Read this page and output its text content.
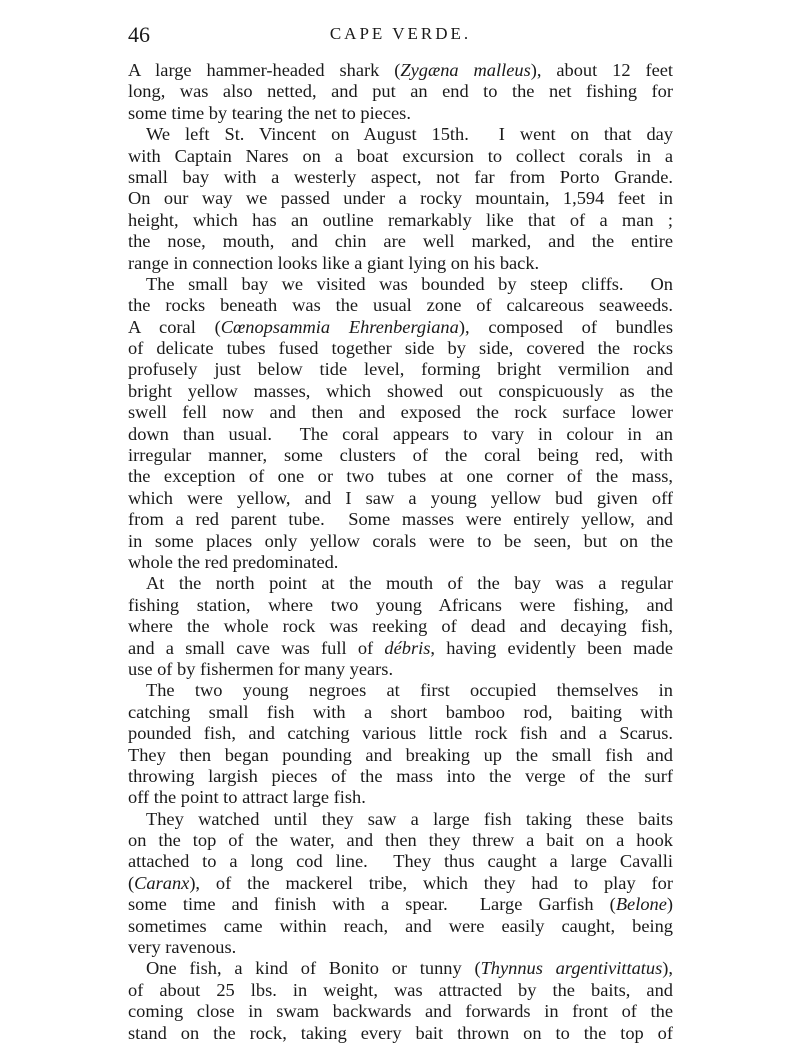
46	CAPE VERDE.
A large hammer-headed shark (Zygæna malleus), about 12 feet
long, was also netted, and put an end to the net fishing for
some time by tearing the net to pieces.
We left St. Vincent on August 15th.  I went on that day
with Captain Nares on a boat excursion to collect corals in a
small bay with a westerly aspect, not far from Porto Grande.
On our way we passed under a rocky mountain, 1,594 feet in
height, which has an outline remarkably like that of a man ;
the nose, mouth, and chin are well marked, and the entire
range in connection looks like a giant lying on his back.
The small bay we visited was bounded by steep cliffs.  On
the rocks beneath was the usual zone of calcareous seaweeds.
A coral (Cœnopsammia Ehrenbergiana), composed of bundles
of delicate tubes fused together side by side, covered the rocks
profusely just below tide level, forming bright vermilion and
bright yellow masses, which showed out conspicuously as the
swell fell now and then and exposed the rock surface lower
down than usual.  The coral appears to vary in colour in an
irregular manner, some clusters of the coral being red, with
the exception of one or two tubes at one corner of the mass,
which were yellow, and I saw a young yellow bud given off
from a red parent tube.  Some masses were entirely yellow, and
in some places only yellow corals were to be seen, but on the
whole the red predominated.
At the north point at the mouth of the bay was a regular
fishing station, where two young Africans were fishing, and
where the whole rock was reeking of dead and decaying fish,
and a small cave was full of débris, having evidently been made
use of by fishermen for many years.
The two young negroes at first occupied themselves in
catching small fish with a short bamboo rod, baiting with
pounded fish, and catching various little rock fish and a Scarus.
They then began pounding and breaking up the small fish and
throwing largish pieces of the mass into the verge of the surf
off the point to attract large fish.
They watched until they saw a large fish taking these baits
on the top of the water, and then they threw a bait on a hook
attached to a long cod line.  They thus caught a large Cavalli
(Caranx), of the mackerel tribe, which they had to play for
some time and finish with a spear.  Large Garfish (Belone)
sometimes came within reach, and were easily caught, being
very ravenous.
One fish, a kind of Bonito or tunny (Thynnus argentivittatus),
of about 25 lbs. in weight, was attracted by the baits, and
coming close in swam backwards and forwards in front of the
stand on the rock, taking every bait thrown on to the top of
